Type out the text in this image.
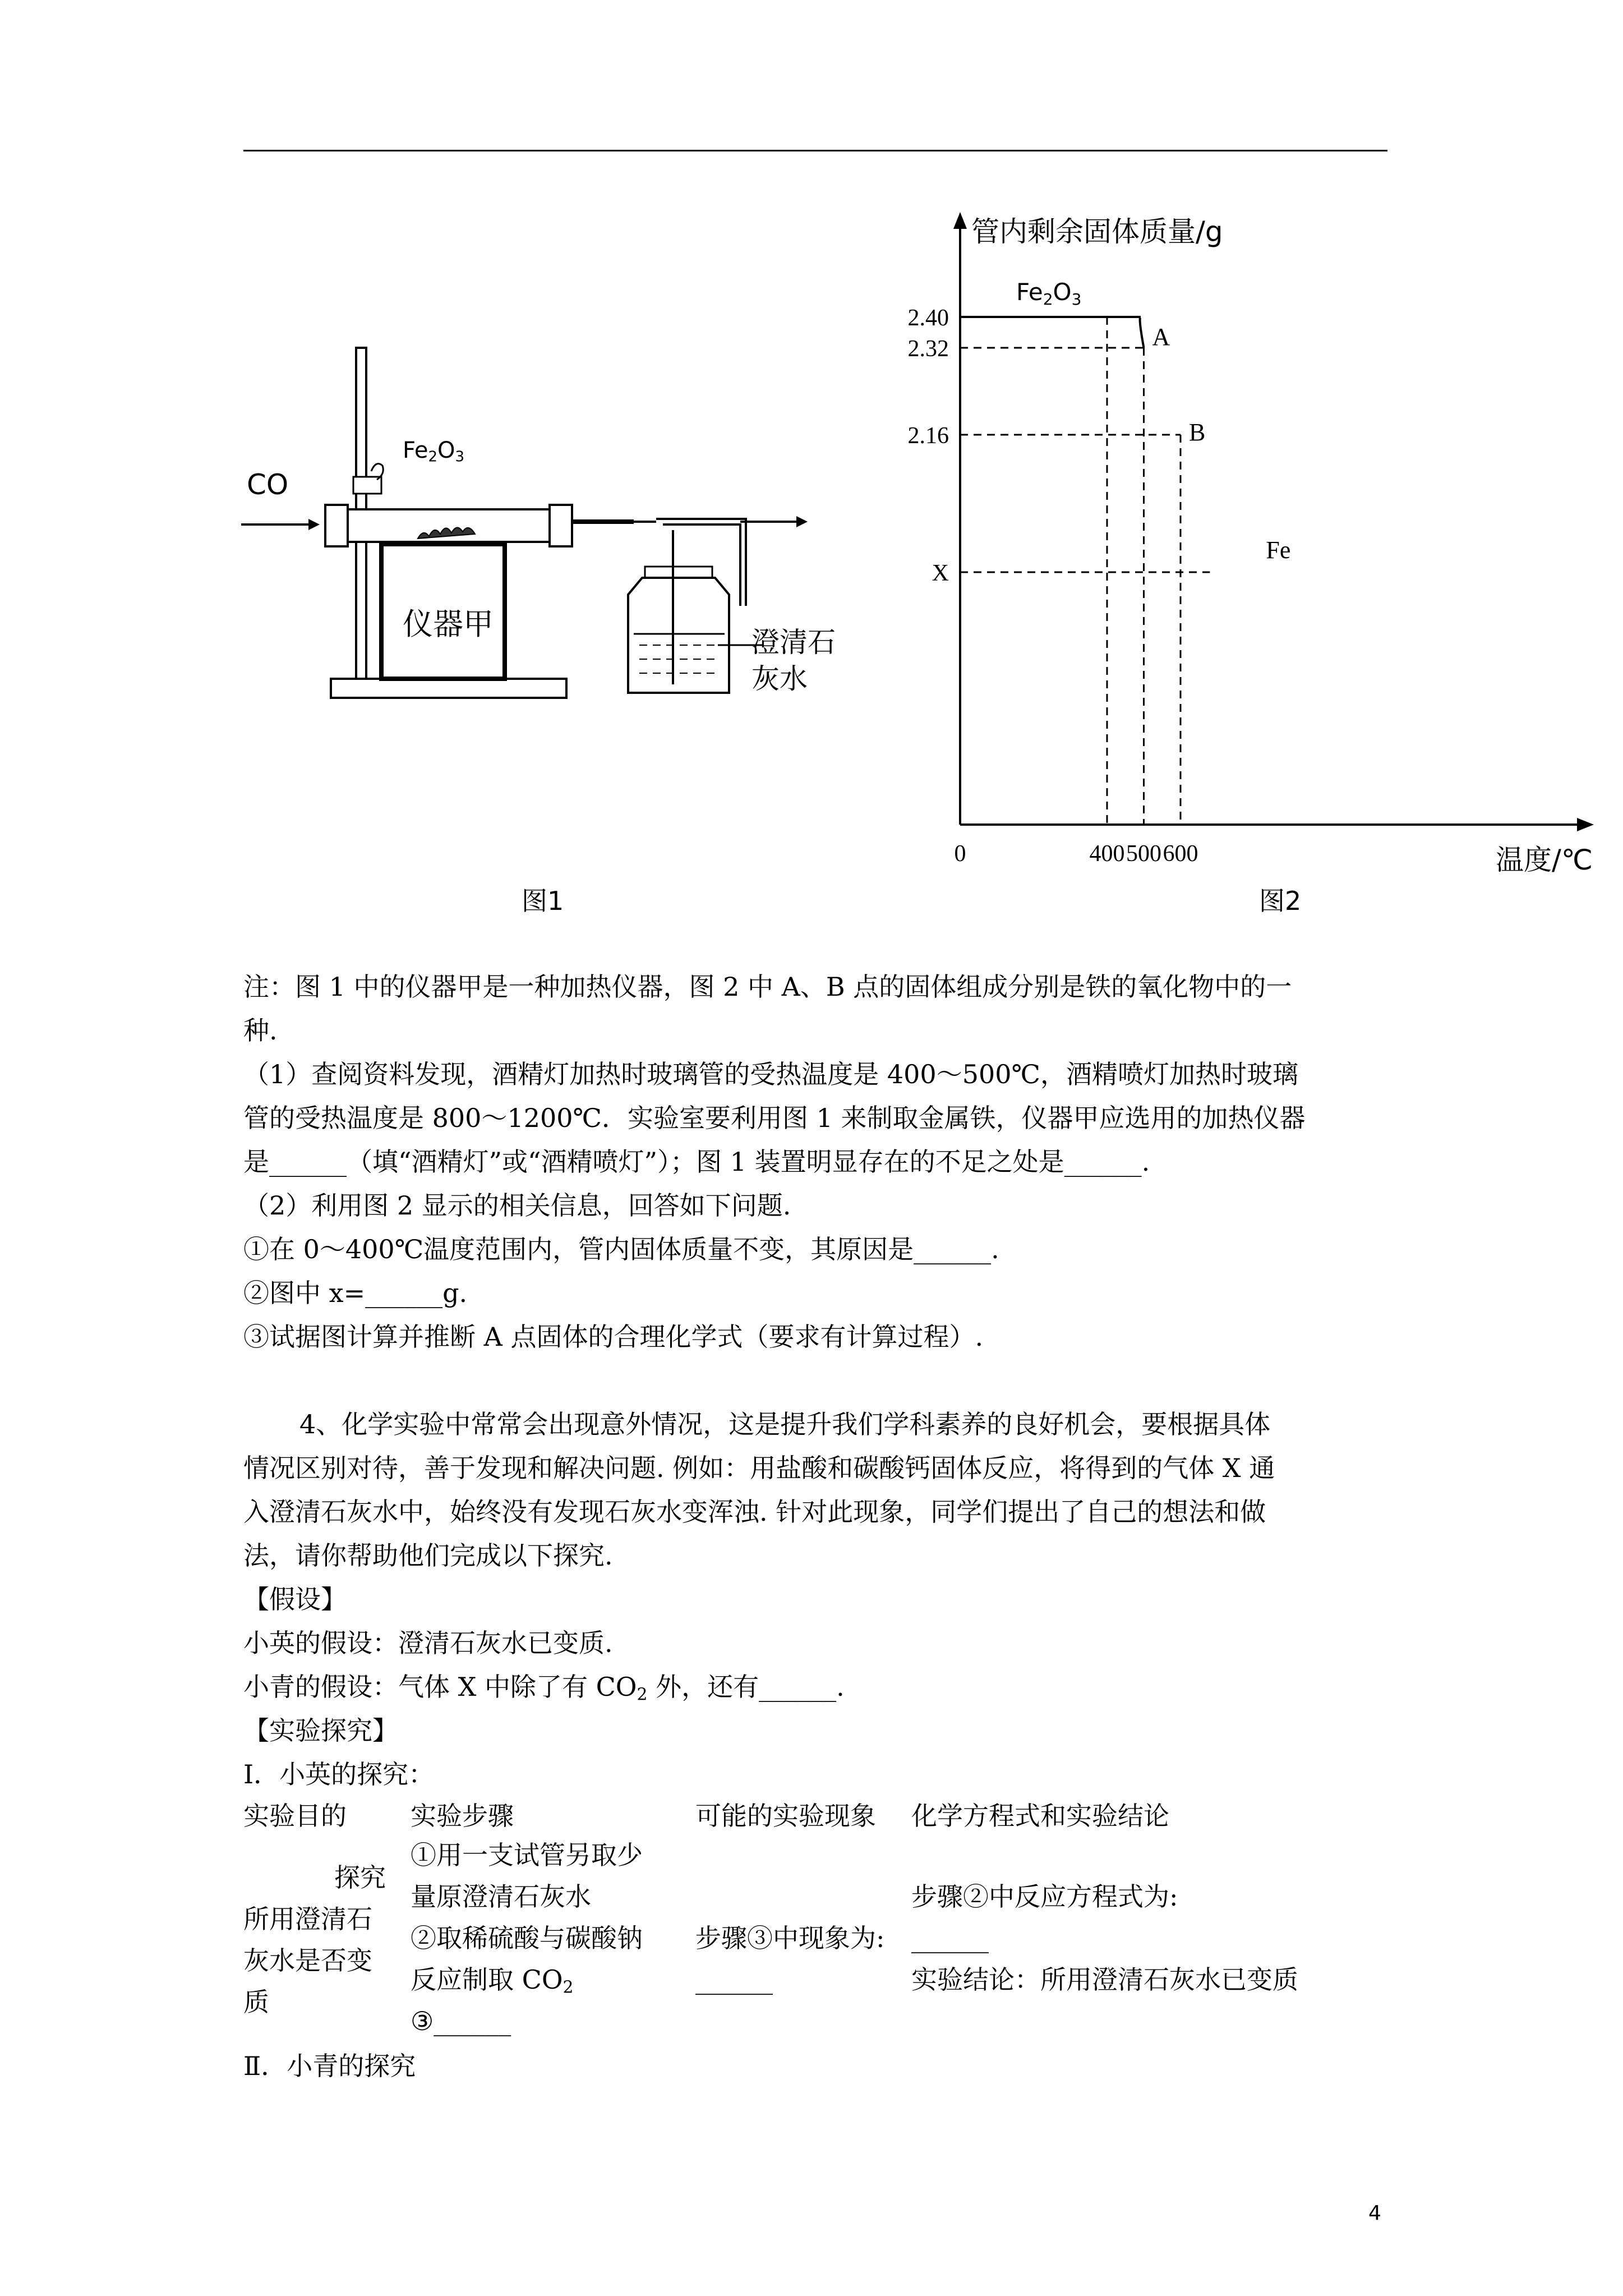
CO
$Fe_2O_3$
仪器甲
澄清石
灰水
图1
管内剩余固体质量/g
温度/℃
0	400 500 600
2.40
2.32
2.16
X
Fe2O3
A
B
Fe
图2
注：图 1 中的仪器甲是一种加热仪器，图 2 中 A、B 点的固体组成分别是铁的氧化物中的一
种.
（1）查阅资料发现，酒精灯加热时玻璃管的受热温度是 400～500℃，酒精喷灯加热时玻璃
管的受热温度是 800～1200℃．实验室要利用图 1 来制取金属铁，仪器甲应选用的加热仪器
是______（填“酒精灯”或“酒精喷灯”）；图 1 装置明显存在的不足之处是______.
（2）利用图 2 显示的相关信息，回答如下问题.
①在 0～400℃温度范围内，管内固体质量不变，其原因是______.
②图中 x=______g.
③试据图计算并推断 A 点固体的合理化学式（要求有计算过程）.
4、化学实验中常常会出现意外情况，这是提升我们学科素养的良好机会，要根据具体
情况区别对待，善于发现和解决问题. 例如：用盐酸和碳酸钙固体反应，将得到的气体 X 通
入澄清石灰水中，始终没有发现石灰水变浑浊. 针对此现象，同学们提出了自己的想法和做
法，请你帮助他们完成以下探究.
【假设】
小英的假设：澄清石灰水已变质.
小青的假设：气体 X 中除了有 $CO_2$ 外，还有______.
【实验探究】
Ⅰ．小英的探究：
实验目的 实验步骤	可能的实验现象 化学方程式和实验结论
探究
所用澄清石
灰水是否变
质
①用一支试管另取少
量原澄清石灰水
②取稀硫酸与碳酸钠
反应制取 $CO_2$
③______
步骤③中现象为:
______
步骤②中反应方程式为:
______
实验结论：所用澄清石灰水已变质
Ⅱ．小青的探究
4
